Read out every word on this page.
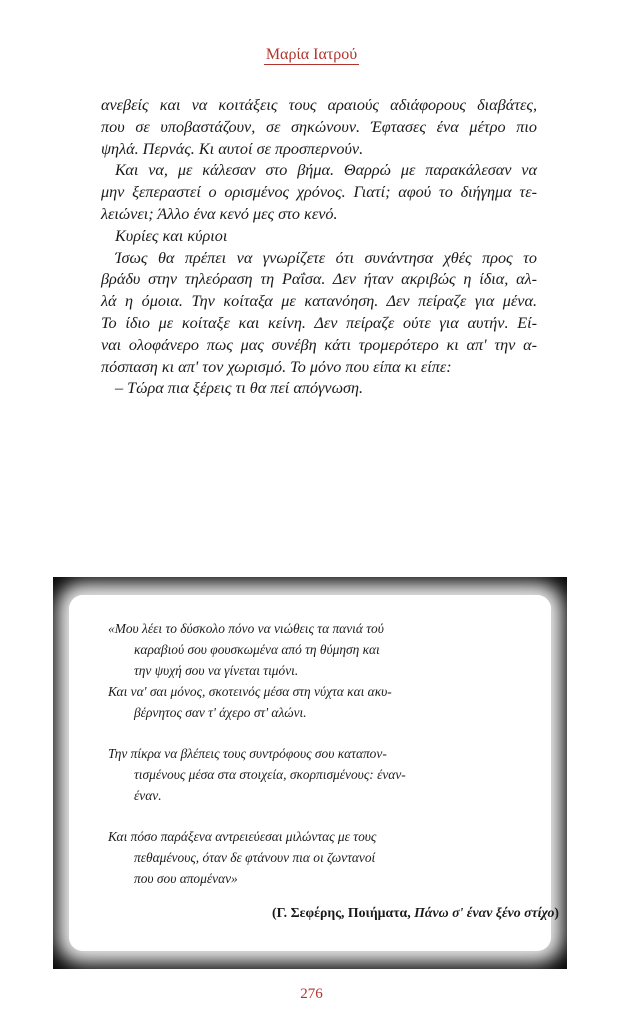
Μαρία Ιατρού
ανεβείς και να κοιτάξεις τους αραιούς αδιάφορους διαβάτες,
που σε υποβαστάζουν, σε σηκώνουν. Έφτασες ένα μέτρο πιο
ψηλά. Περνάς. Κι αυτοί σε προσπερνούν.
Και να, με κάλεσαν στο βήμα. Θαρρώ με παρακάλεσαν να
μην ξεπεραστεί ο ορισμένος χρόνος. Γιατί; αφού το διήγημα τε-
λειώνει; Άλλο ένα κενό μες στο κενό.
Κυρίες και κύριοι
Ίσως θα πρέπει να γνωρίζετε ότι συνάντησα χθές προς το
βράδυ στην τηλεόραση τη Ραΐσα. Δεν ήταν ακριβώς η ίδια, αλ-
λά η όμοια. Την κοίταξα με κατανόηση. Δεν πείραζε για μένα.
Το ίδιο με κοίταξε και κείνη. Δεν πείραζε ούτε για αυτήν. Εί-
ναι ολοφάνερο πως μας συνέβη κάτι τρομερότερο κι απ' την α-
πόσπαση κι απ' τον χωρισμό. Το μόνο που είπα κι είπε:
– Τώρα πια ξέρεις τι θα πεί απόγνωση.
«Μου λέει το δύσκολο πόνο να νιώθεις τα πανιά τού
καραβιού σου φουσκωμένα από τη θύμηση και
την ψυχή σου να γίνεται τιμόνι.
Και να' σαι μόνος, σκοτεινός μέσα στη νύχτα και ακυ-
βέρνητος σαν τ' άχερο στ' αλώνι.
Την πίκρα να βλέπεις τους συντρόφους σου καταπον-
τισμένους μέσα στα στοιχεία, σκορπισμένους: έναν-
έναν.
Και πόσο παράξενα αντρειεύεσαι μιλώντας με τους
πεθαμένους, όταν δε φτάνουν πια οι ζωντανοί
που σου απομέναν»
(Γ. Σεφέρης, Ποιήματα, Πάνω σ' έναν ξένο στίχο)
276
